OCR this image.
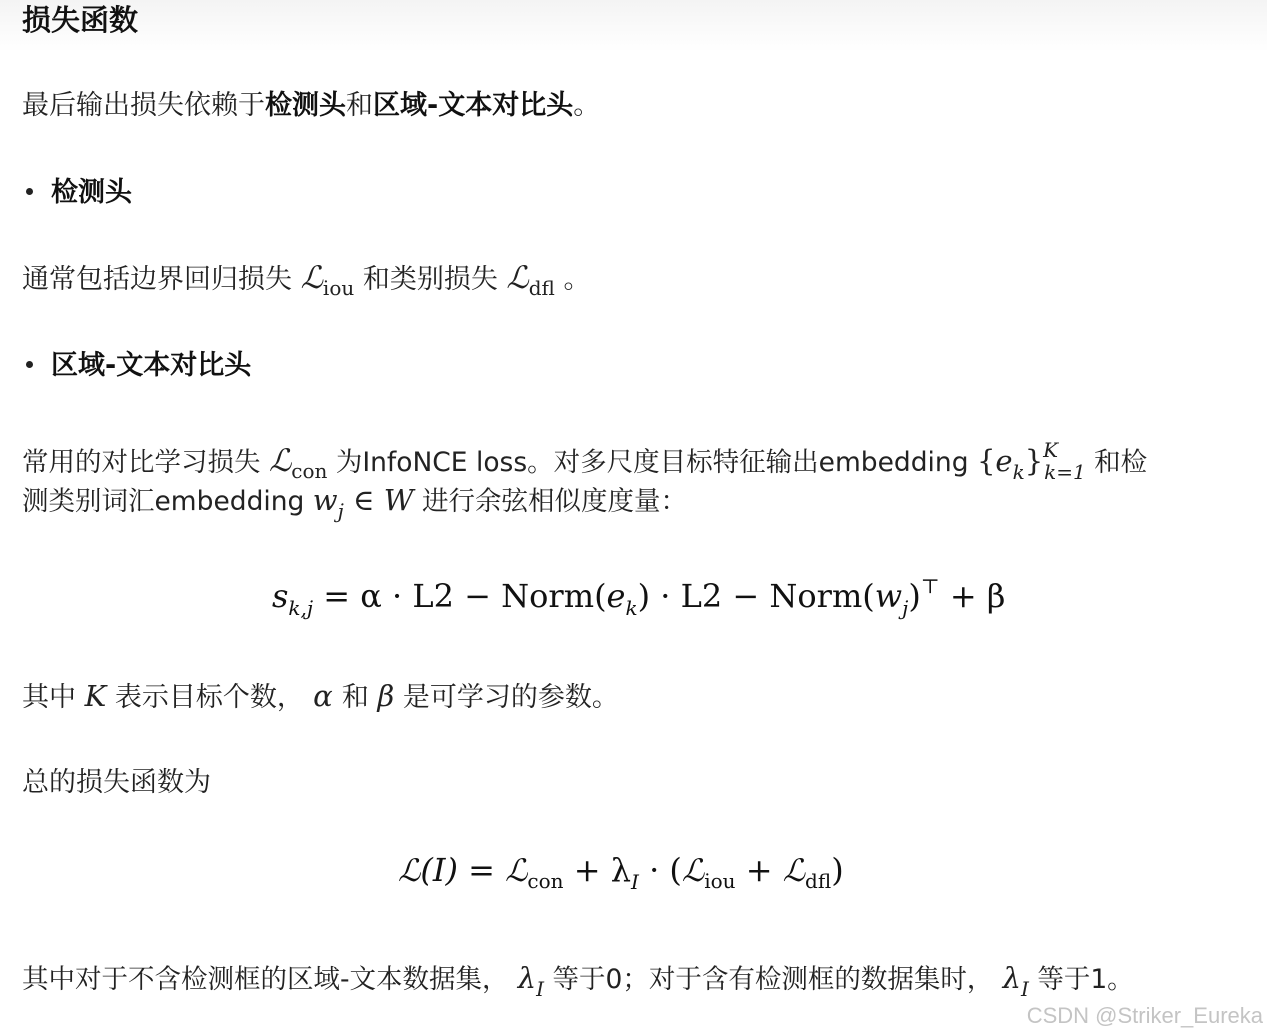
损失函数
最后输出损失依赖于检测头和区域-文本对比头。
检测头
通常包括边界回归损失 ℒ$_{iou}$ 和类别损失 ℒ$_{dfl}$ 。
区域-文本对比头
常用的对比学习损失 ℒ$_{con}$ 为InfoNCE loss。对多尺度目标特征输出embedding $\{e_k\}^K_{k=1}$ 和检
测类别词汇embedding $w_j$ ∈ W 进行余弦相似度度量：
$s_{k,j} = \alpha \cdot L2$ − $Norm(e_k) \cdot L2$ − $Norm(w_j)^⊤ + \beta$
其中 K 表示目标个数， α 和 β 是可学习的参数。
总的损失函数为
ℒ(I) = ℒ$_{con}$ + $\lambda_I$ · (ℒ$_{iou}$ + ℒ$_{dfl}$)
其中对于不含检测框的区域-文本数据集， $\lambda_I$ 等于0；对于含有检测框的数据集时， $\lambda_I$ 等于1。
CSDN @Striker_Eureka
